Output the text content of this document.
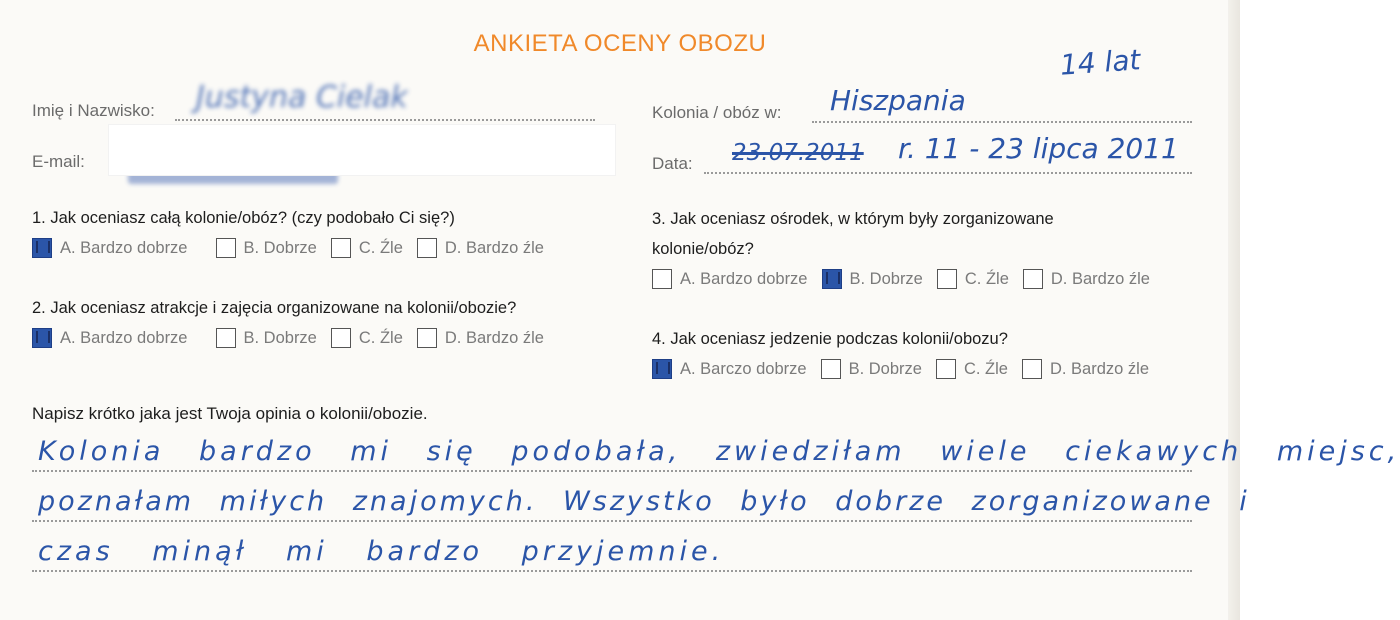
ANKIETA OCENY OBOZU	14 lat
Imię i Nazwisko: Justyna Cielak
E-mail:
Kolonia / obóz w: Hiszpania
Data: 23.07.2011 r. 11 - 23 lipca 2011
1. Jak oceniasz całą kolonie/obóz? (czy podobało Ci się?)
A. Bardzo dobrze	B. Dobrze	C. Źle	D. Bardzo źle
2. Jak oceniasz atrakcje i zajęcia organizowane na kolonii/obozie?
A. Bardzo dobrze	B. Dobrze	C. Źle	D. Bardzo źle
3. Jak oceniasz ośrodek, w którym były zorganizowane
kolonie/obóz?
A. Bardzo dobrze	B. Dobrze	C. Źle	D. Bardzo źle
4. Jak oceniasz jedzenie podczas kolonii/obozu?
A. Barczo dobrze	B. Dobrze	C. Źle	D. Bardzo źle
Napisz krótko jaka jest Twoja opinia o kolonii/obozie.
Kolonia bardzo mi się podobała, zwiedziłam wiele ciekawych miejsc,
poznałam miłych znajomych. Wszystko było dobrze zorganizowane i
czas minął mi bardzo przyjemnie.
